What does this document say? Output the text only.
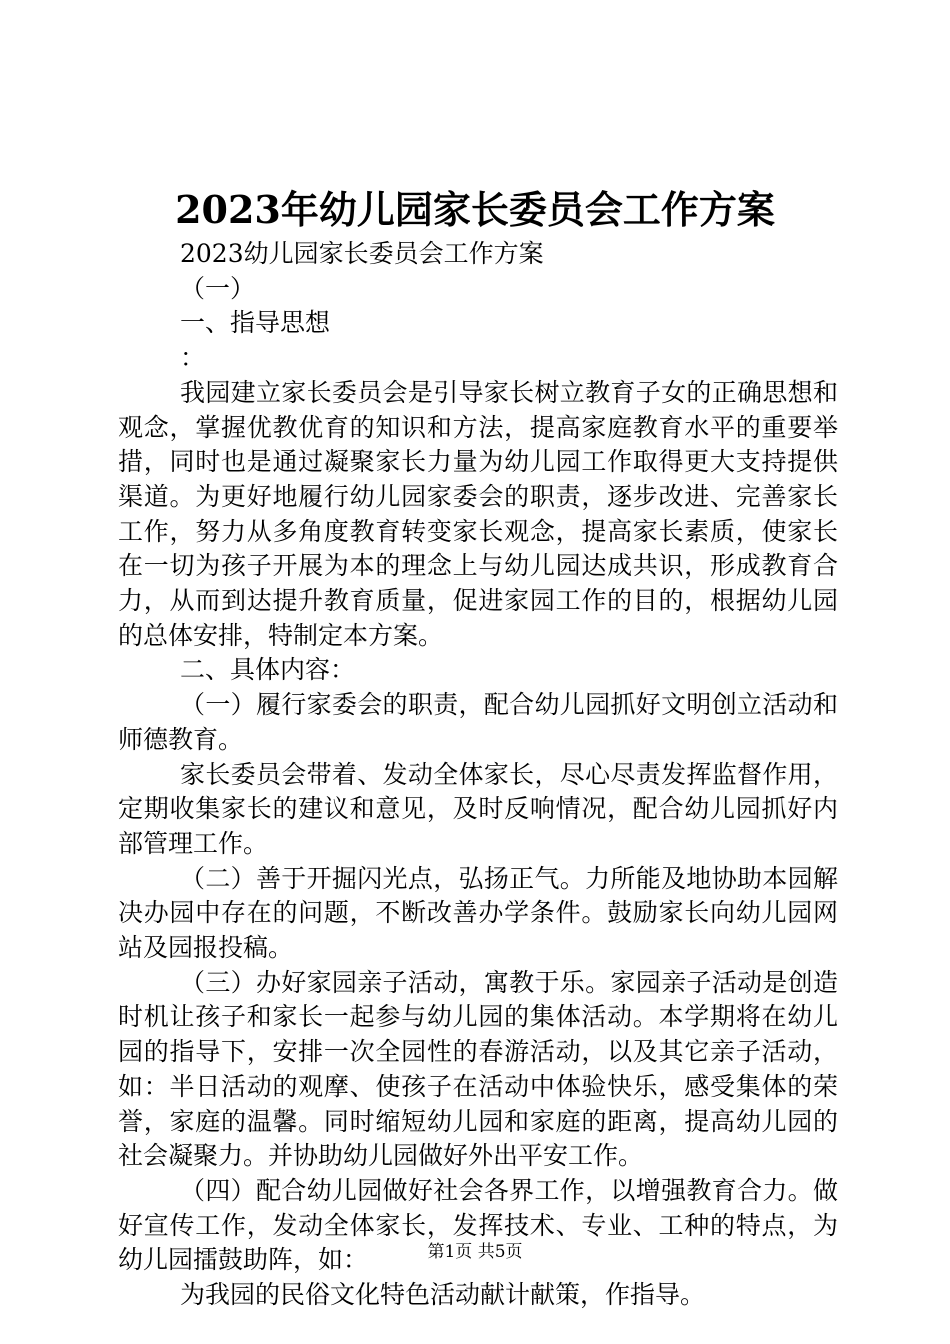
2023年幼儿园家长委员会工作方案
2023幼儿园家长委员会工作方案
（一）
一、指导思想
：

我园建立家长委员会是引导家长树立教育子女的正确思想和观念，掌握优教优育的知识和方法，提高家庭教育水平的重要举措，同时也是通过凝聚家长力量为幼儿园工作取得更大支持提供渠道。为更好地履行幼儿园家委会的职责，逐步改进、完善家长工作，努力从多角度教育转变家长观念，提高家长素质，使家长在一切为孩子开展为本的理念上与幼儿园达成共识，形成教育合力，从而到达提升教育质量，促进家园工作的目的，根据幼儿园的总体安排，特制定本方案。

二、具体内容：

（一）履行家委会的职责，配合幼儿园抓好文明创立活动和师德教育。

家长委员会带着、发动全体家长，尽心尽责发挥监督作用，定期收集家长的建议和意见，及时反响情况，配合幼儿园抓好内部管理工作。

（二）善于开掘闪光点，弘扬正气。力所能及地协助本园解决办园中存在的问题，不断改善办学条件。鼓励家长向幼儿园网站及园报投稿。

（三）办好家园亲子活动，寓教于乐。家园亲子活动是创造时机让孩子和家长一起参与幼儿园的集体活动。本学期将在幼儿园的指导下，安排一次全园性的春游活动，以及其它亲子活动，如：半日活动的观摩、使孩子在活动中体验快乐，感受集体的荣誉，家庭的温馨。同时缩短幼儿园和家庭的距离，提高幼儿园的社会凝聚力。并协助幼儿园做好外出平安工作。

（四）配合幼儿园做好社会各界工作，以增强教育合力。做好宣传工作，发动全体家长，发挥技术、专业、工种的特点，为幼儿园擂鼓助阵，如：

为我园的民俗文化特色活动献计献策，作指导。

第1页 共5页
